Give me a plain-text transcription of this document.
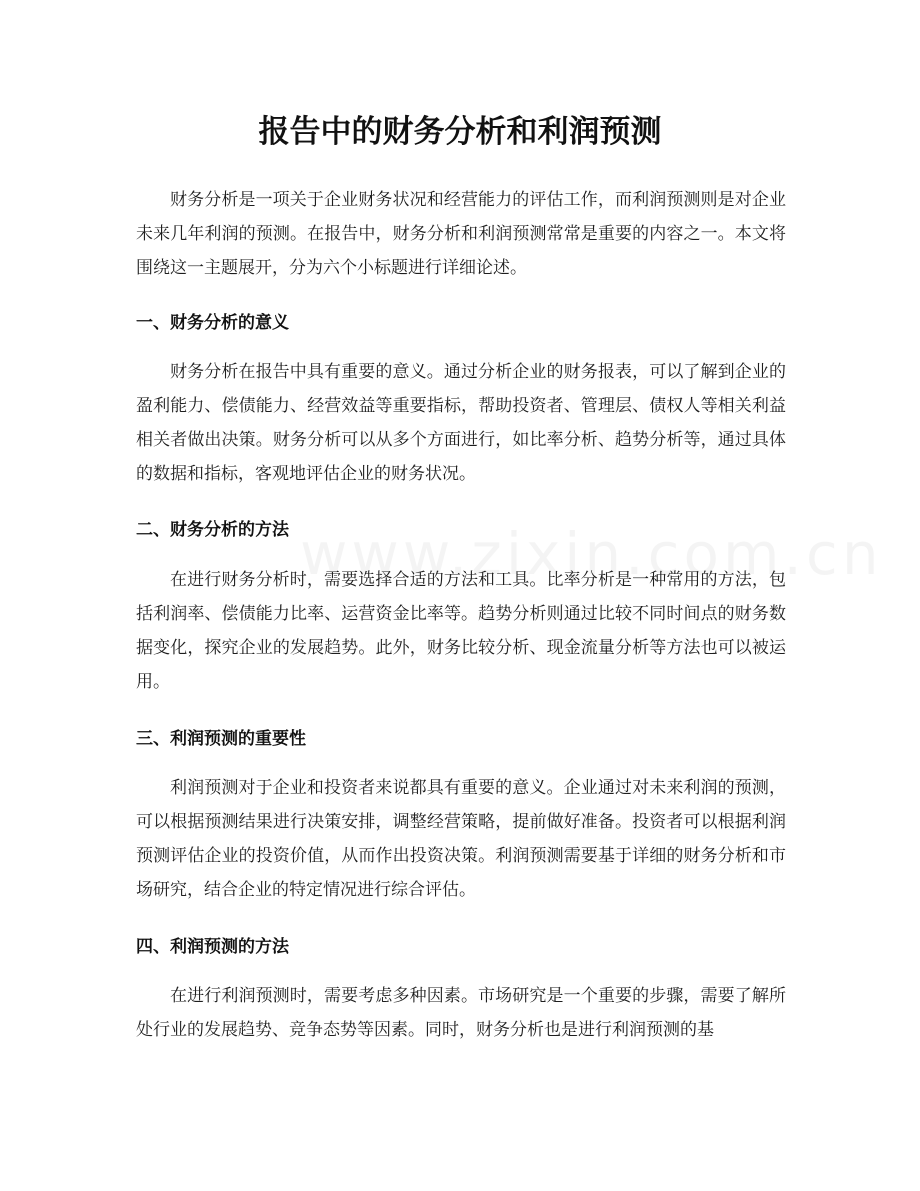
报告中的财务分析和利润预测

财务分析是一项关于企业财务状况和经营能力的评估工作，而利润预测则是对企业未来几年利润的预测。在报告中，财务分析和利润预测常常是重要的内容之一。本文将围绕这一主题展开，分为六个小标题进行详细论述。

一、财务分析的意义

财务分析在报告中具有重要的意义。通过分析企业的财务报表，可以了解到企业的盈利能力、偿债能力、经营效益等重要指标，帮助投资者、管理层、债权人等相关利益相关者做出决策。财务分析可以从多个方面进行，如比率分析、趋势分析等，通过具体的数据和指标，客观地评估企业的财务状况。

二、财务分析的方法

在进行财务分析时，需要选择合适的方法和工具。比率分析是一种常用的方法，包括利润率、偿债能力比率、运营资金比率等。趋势分析则通过比较不同时间点的财务数据变化，探究企业的发展趋势。此外，财务比较分析、现金流量分析等方法也可以被运用。

三、利润预测的重要性

利润预测对于企业和投资者来说都具有重要的意义。企业通过对未来利润的预测，可以根据预测结果进行决策安排，调整经营策略，提前做好准备。投资者可以根据利润预测评估企业的投资价值，从而作出投资决策。利润预测需要基于详细的财务分析和市场研究，结合企业的特定情况进行综合评估。

四、利润预测的方法

在进行利润预测时，需要考虑多种因素。市场研究是一个重要的步骤，需要了解所处行业的发展趋势、竞争态势等因素。同时，财务分析也是进行利润预测的基
